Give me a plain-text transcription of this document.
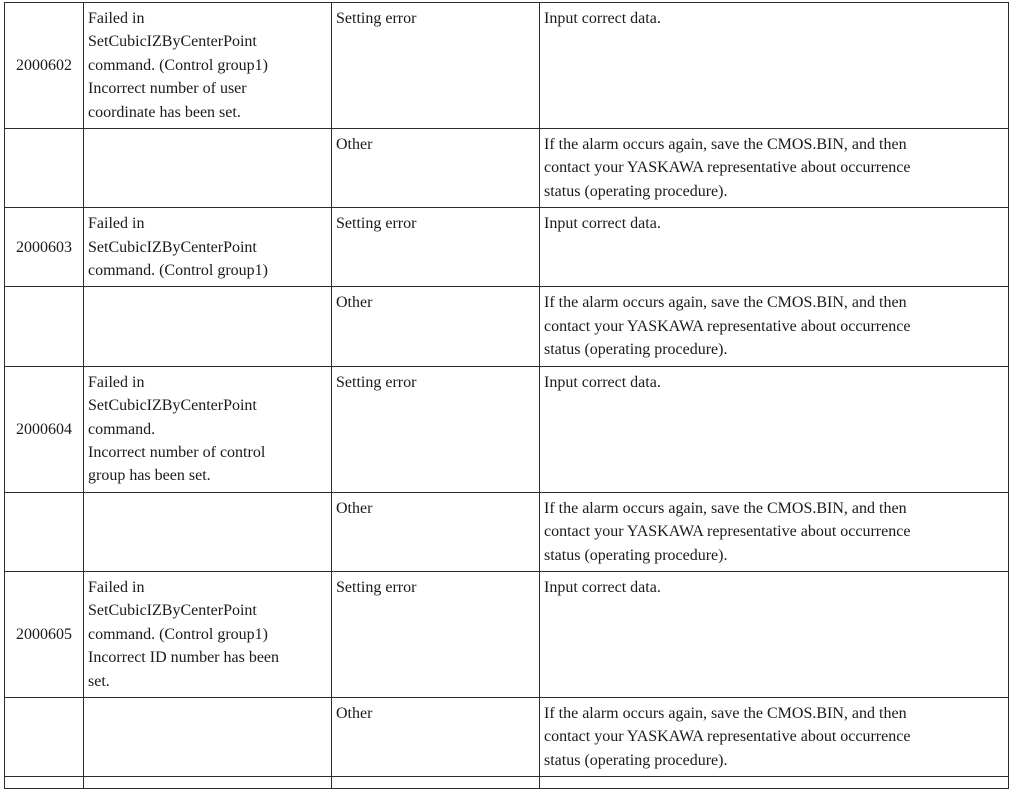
2000602	Failed in
SetCubicIZByCenterPoint
command. (Control group1)
Incorrect number of user
coordinate has been set.	Setting error	Input correct data.

		Other	If the alarm occurs again, save the CMOS.BIN, and then
contact your YASKAWA representative about occurrence
status (operating procedure).

2000603	Failed in
SetCubicIZByCenterPoint
command. (Control group1)	Setting error	Input correct data.

		Other	If the alarm occurs again, save the CMOS.BIN, and then
contact your YASKAWA representative about occurrence
status (operating procedure).

2000604	Failed in
SetCubicIZByCenterPoint
command.
Incorrect number of control
group has been set.	Setting error	Input correct data.

		Other	If the alarm occurs again, save the CMOS.BIN, and then
contact your YASKAWA representative about occurrence
status (operating procedure).

2000605	Failed in
SetCubicIZByCenterPoint
command. (Control group1)
Incorrect ID number has been
set.	Setting error	Input correct data.

		Other	If the alarm occurs again, save the CMOS.BIN, and then
contact your YASKAWA representative about occurrence
status (operating procedure).
